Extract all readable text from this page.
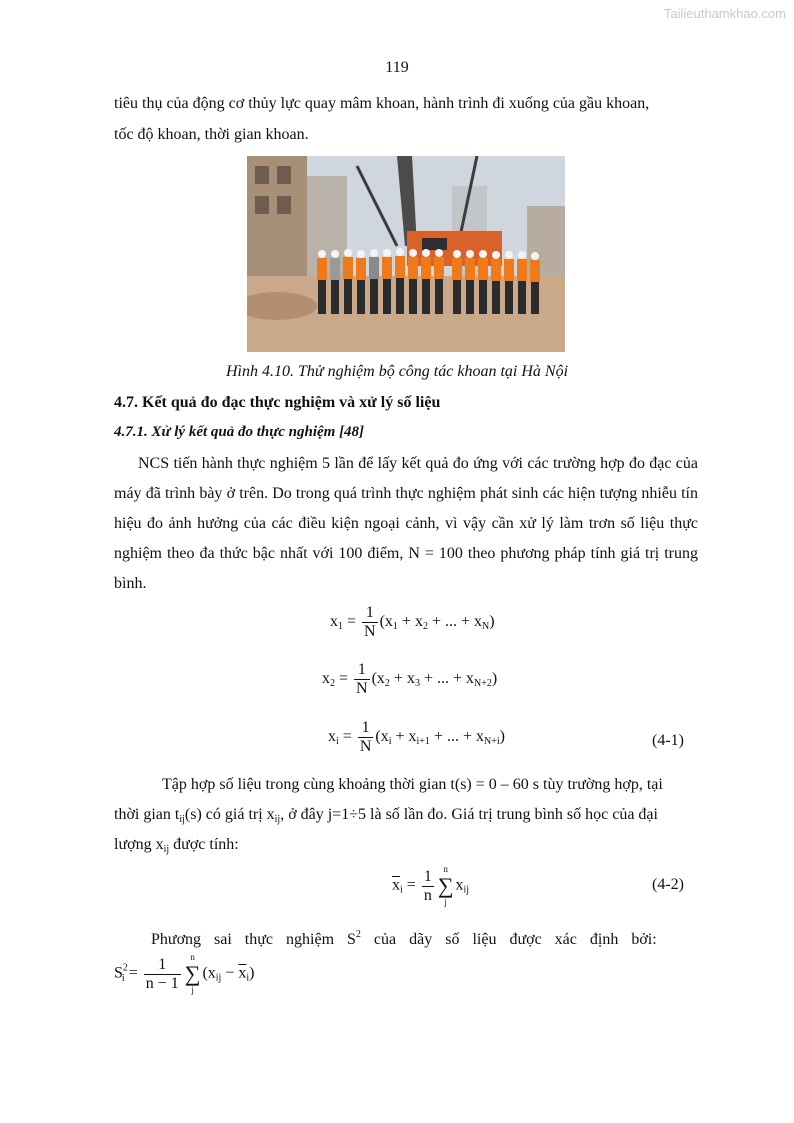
Tailieuthamkhao.com
119
tiêu thụ của động cơ thủy lực quay mâm khoan, hành trình đi xuống của gầu khoan,
tốc độ khoan, thời gian khoan.
Hình 4.10. Thử nghiệm bộ công tác khoan tại Hà Nội
4.7. Kết quả đo đạc thực nghiệm và xử lý số liệu
4.7.1. Xử lý kết quả đo thực nghiệm [48]
NCS tiến hành thực nghiệm 5 lần để lấy kết quả đo ứng với các trường hợp đo đạc của máy đã trình bày ở trên. Do trong quá trình thực nghiệm phát sinh các hiện tượng nhiễu tín hiệu đo ảnh hưởng của các điều kiện ngoại cảnh, vì vậy cần xử lý làm trơn số liệu thực nghiệm theo đa thức bậc nhất với 100 điểm, N = 100 theo phương pháp tính giá trị trung bình.
$x_1 = \frac{1}{N} (x_1 + x_2$ + ... + $x_N$)
$x_2 = \frac{1}{N} (x_2 + x_3$ + ... + $x_{N+2}$)
$x_i = \frac{1}{N} (x_i + x_{i+1}$ + ... + $x_{N+i}$)	(4-1)
Tập hợp số liệu trong cùng khoảng thời gian t(s) = 0 – 60 s tùy trường hợp, tại
thời gian $t_{ij}(s)$ có giá trị $x_{ij}$, ở đây j=1÷5 là số lần đo. Giá trị trung bình số học của đại
lượng $x_{ij}$ được tính:
$\overline{x}_i = \frac{1}{n}$	n
∑
j
$x_{ij}$	(4-2)
Phương sai thực nghiệm $S^2$ của dãy số liệu được xác định bởi:
$S^2_i = \frac{1}{n - 1}$	n
∑
j
$(x_{ij} - \overline{x}_i)$
